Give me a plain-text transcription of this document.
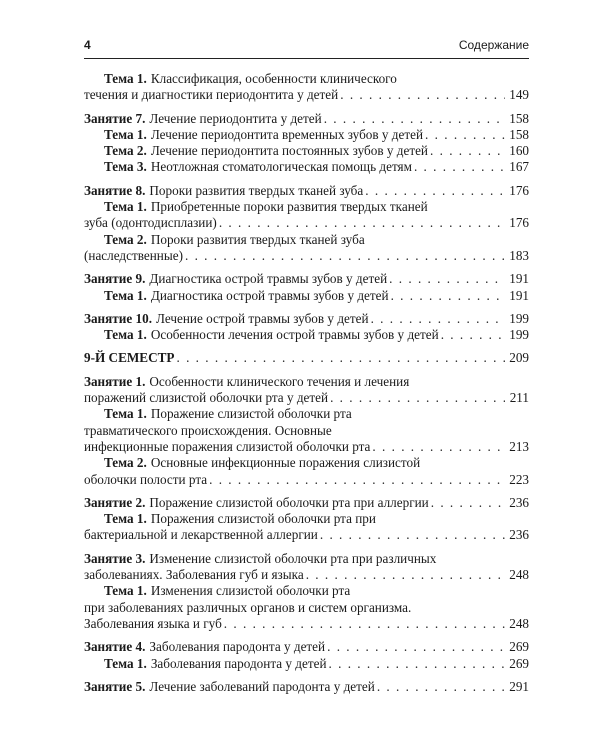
4	Содержание
Тема 1. Классификация, особенности клинического
течения и диагностики периодонтита у детей . . .	149
Занятие 7. Лечение периодонтита у детей . . .	158
Тема 1. Лечение периодонтита временных зубов у детей . . .	158
Тема 2. Лечение периодонтита постоянных зубов у детей . . .	160
Тема 3. Неотложная стоматологическая помощь детям . . .	167
Занятие 8. Пороки развития твердых тканей зуба . . .	176
Тема 1. Приобретенные пороки развития твердых тканей
зуба (одонтодисплазии) . . .	176
Тема 2. Пороки развития твердых тканей зуба
(наследственные) . . .	183
Занятие 9. Диагностика острой травмы зубов у детей . . .	191
Тема 1. Диагностика острой травмы зубов у детей . . .	191
Занятие 10. Лечение острой травмы зубов у детей . . .	199
Тема 1. Особенности лечения острой травмы зубов у детей . . .	199
9-Й СЕМЕСТР . . .	209
Занятие 1. Особенности клинического течения и лечения
поражений слизистой оболочки рта у детей . . .	211
Тема 1. Поражение слизистой оболочки рта
травматического происхождения. Основные
инфекционные поражения слизистой оболочки рта . . .	213
Тема 2. Основные инфекционные поражения слизистой
оболочки полости рта . . .	223
Занятие 2. Поражение слизистой оболочки рта при аллергии . . .	236
Тема 1. Поражения слизистой оболочки рта при
бактериальной и лекарственной аллергии . . .	236
Занятие 3. Изменение слизистой оболочки рта при различных
заболеваниях. Заболевания губ и языка . . .	248
Тема 1. Изменения слизистой оболочки рта
при заболеваниях различных органов и систем организма.
Заболевания языка и губ . . .	248
Занятие 4. Заболевания пародонта у детей . . .	269
Тема 1. Заболевания пародонта у детей . . .	269
Занятие 5. Лечение заболеваний пародонта у детей . . .	291
